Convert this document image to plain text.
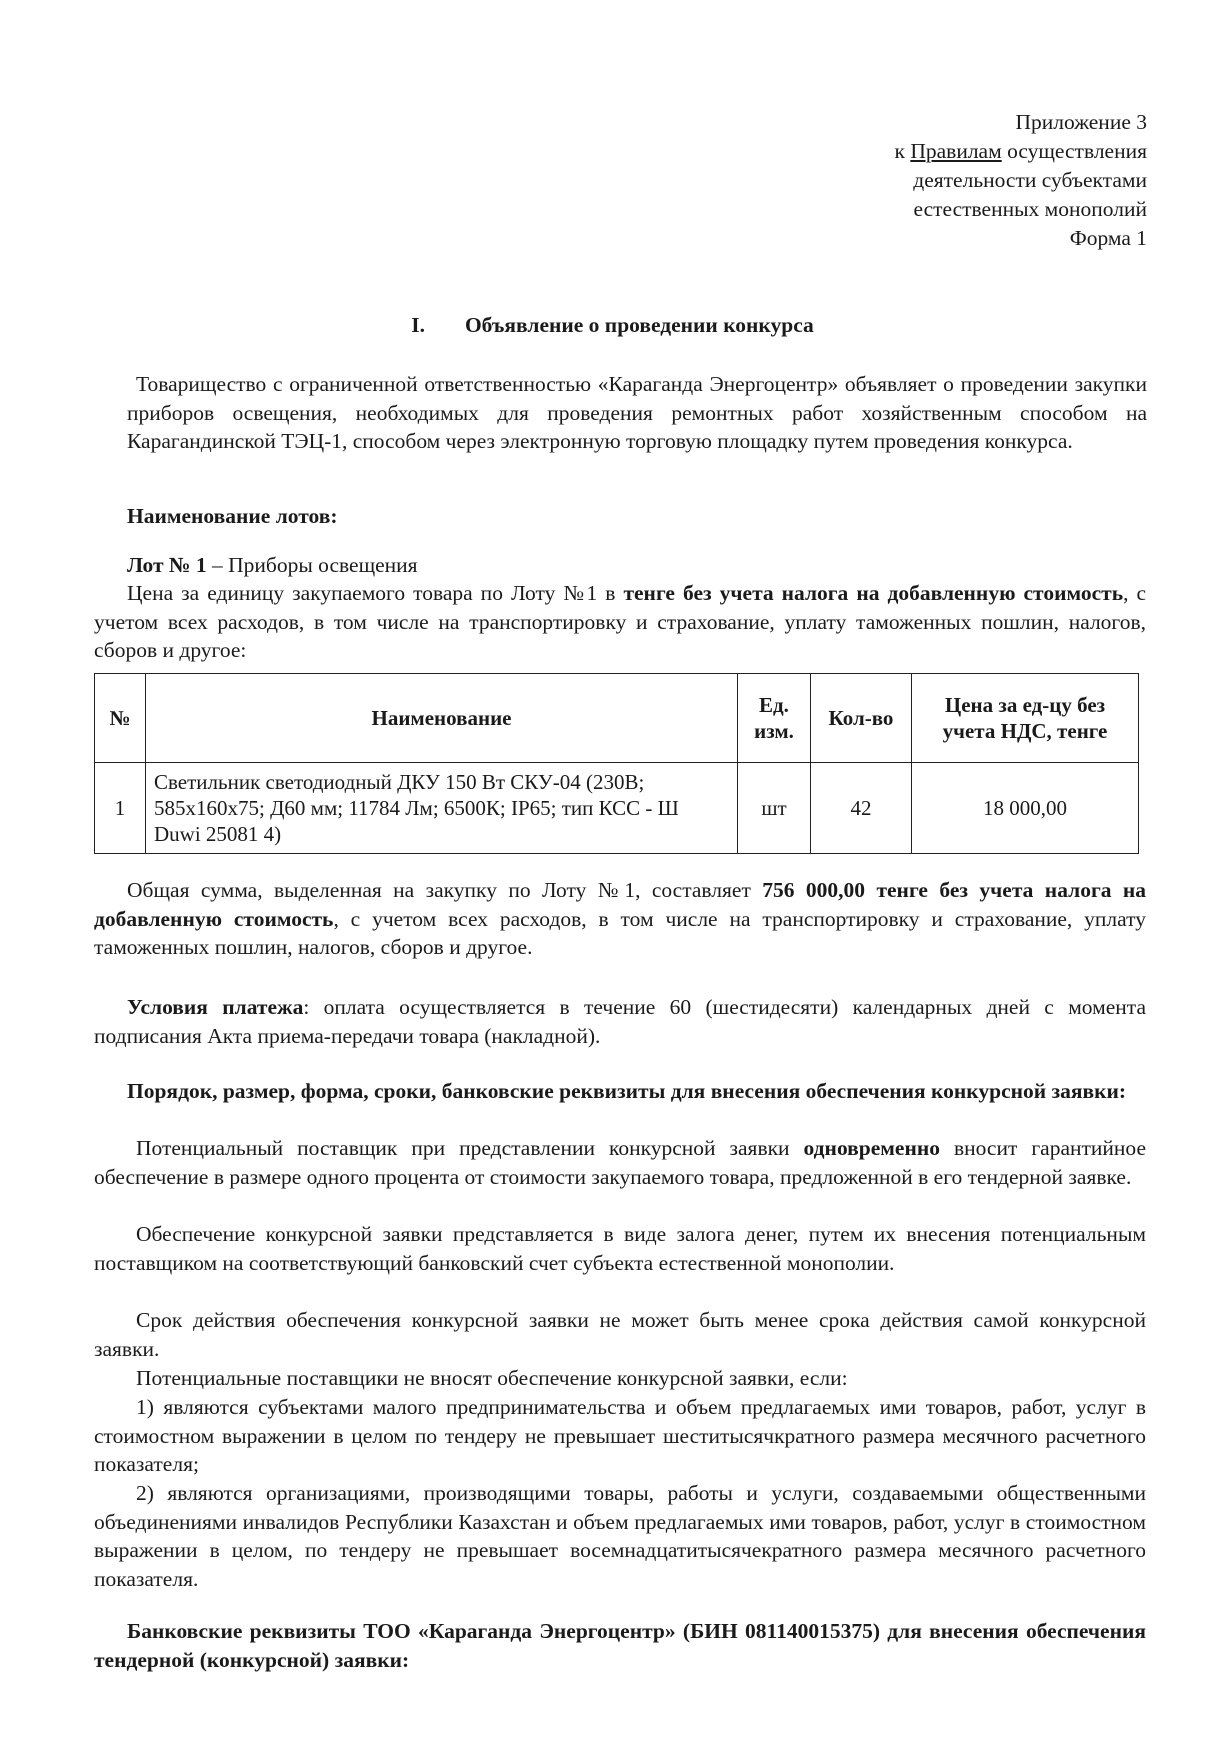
Приложение 3
к Правилам осуществления
деятельности субъектами
естественных монополий
Форма 1
I. Объявление о проведении конкурса
Товарищество с ограниченной ответственностью «Караганда Энергоцентр» объявляет о проведении закупки приборов освещения, необходимых для проведения ремонтных работ хозяйственным способом на Карагандинской ТЭЦ-1, способом через электронную торговую площадку путем проведения конкурса.
Наименование лотов:
Лот № 1 – Приборы освещения
Цена за единицу закупаемого товара по Лоту №1 в тенге без учета налога на добавленную стоимость, с учетом всех расходов, в том числе на транспортировку и страхование, уплату таможенных пошлин, налогов, сборов и другое:
№	Наименование	Ед. изм.	Кол-во	Цена за ед-цу без учета НДС, тенге
1	Светильник светодиодный ДКУ 150 Вт СКУ-04 (230В; 585х160х75; Д60 мм; 11784 Лм; 6500К; IP65; тип КСС - Ш Duwi 25081 4)	шт	42	18 000,00
Общая сумма, выделенная на закупку по Лоту №1, составляет 756 000,00 тенге без учета налога на добавленную стоимость, с учетом всех расходов, в том числе на транспортировку и страхование, уплату таможенных пошлин, налогов, сборов и другое.
Условия платежа: оплата осуществляется в течение 60 (шестидесяти) календарных дней с момента подписания Акта приема-передачи товара (накладной).
Порядок, размер, форма, сроки, банковские реквизиты для внесения обеспечения конкурсной заявки:
Потенциальный поставщик при представлении конкурсной заявки одновременно вносит гарантийное обеспечение в размере одного процента от стоимости закупаемого товара, предложенной в его тендерной заявке.
Обеспечение конкурсной заявки представляется в виде залога денег, путем их внесения потенциальным поставщиком на соответствующий банковский счет субъекта естественной монополии.
Срок действия обеспечения конкурсной заявки не может быть менее срока действия самой конкурсной заявки.
Потенциальные поставщики не вносят обеспечение конкурсной заявки, если:
1) являются субъектами малого предпринимательства и объем предлагаемых ими товаров, работ, услуг в стоимостном выражении в целом по тендеру не превышает шеститысячкратного размера месячного расчетного показателя;
2) являются организациями, производящими товары, работы и услуги, создаваемыми общественными объединениями инвалидов Республики Казахстан и объем предлагаемых ими товаров, работ, услуг в стоимостном выражении в целом, по тендеру не превышает восемнадцатитысячекратного размера месячного расчетного показателя.
Банковские реквизиты ТОО «Караганда Энергоцентр» (БИН 081140015375) для внесения обеспечения тендерной (конкурсной) заявки:
